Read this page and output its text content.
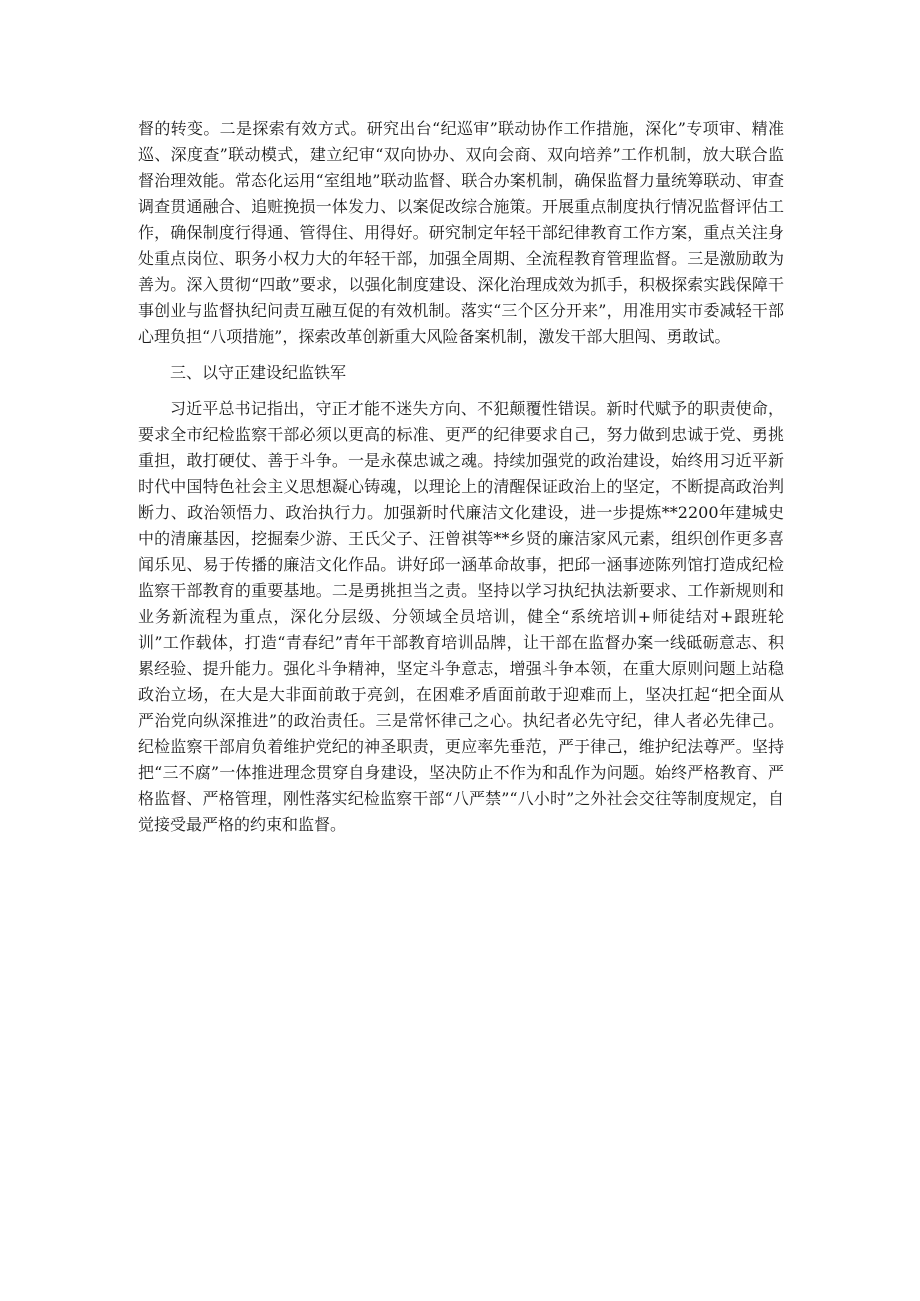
督的转变。二是探索有效方式。研究出台“纪巡审”联动协作工作措施，深化”专项审、精准巡、深度查”联动模式，建立纪审“双向协办、双向会商、双向培养”工作机制，放大联合监督治理效能。常态化运用“室组地”联动监督、联合办案机制，确保监督力量统筹联动、审查调查贯通融合、追赃挽损一体发力、以案促改综合施策。开展重点制度执行情况监督评估工作，确保制度行得通、管得住、用得好。研究制定年轻干部纪律教育工作方案，重点关注身处重点岗位、职务小权力大的年轻干部，加强全周期、全流程教育管理监督。三是激励敢为善为。深入贯彻“四敢”要求，以强化制度建设、深化治理成效为抓手，积极探索实践保障干事创业与监督执纪问责互融互促的有效机制。落实“三个区分开来”，用准用实市委减轻干部心理负担“八项措施”，探索改革创新重大风险备案机制，激发干部大胆闯、勇敢试。

三、以守正建设纪监铁军

习近平总书记指出，守正才能不迷失方向、不犯颠覆性错误。新时代赋予的职责使命，要求全市纪检监察干部必须以更高的标准、更严的纪律要求自己，努力做到忠诚于党、勇挑重担，敢打硬仗、善于斗争。一是永葆忠诚之魂。持续加强党的政治建设，始终用习近平新时代中国特色社会主义思想凝心铸魂，以理论上的清醒保证政治上的坚定，不断提高政治判断力、政治领悟力、政治执行力。加强新时代廉洁文化建设，进一步提炼**2200年建城史中的清廉基因，挖掘秦少游、王氏父子、汪曾祺等**乡贤的廉洁家风元素，组织创作更多喜闻乐见、易于传播的廉洁文化作品。讲好邱一涵革命故事，把邱一涵事迹陈列馆打造成纪检监察干部教育的重要基地。二是勇挑担当之责。坚持以学习执纪执法新要求、工作新规则和业务新流程为重点，深化分层级、分领域全员培训，健全“系统培训+师徒结对+跟班轮训”工作载体，打造“青春纪”青年干部教育培训品牌，让干部在监督办案一线砥砺意志、积累经验、提升能力。强化斗争精神，坚定斗争意志，增强斗争本领，在重大原则问题上站稳政治立场，在大是大非面前敢于亮剑，在困难矛盾面前敢于迎难而上，坚决扛起“把全面从严治党向纵深推进”的政治责任。三是常怀律己之心。执纪者必先守纪，律人者必先律己。纪检监察干部肩负着维护党纪的神圣职责，更应率先垂范，严于律己，维护纪法尊严。坚持把“三不腐”一体推进理念贯穿自身建设，坚决防止不作为和乱作为问题。始终严格教育、严格监督、严格管理，刚性落实纪检监察干部“八严禁”“八小时”之外社会交往等制度规定，自觉接受最严格的约束和监督。
